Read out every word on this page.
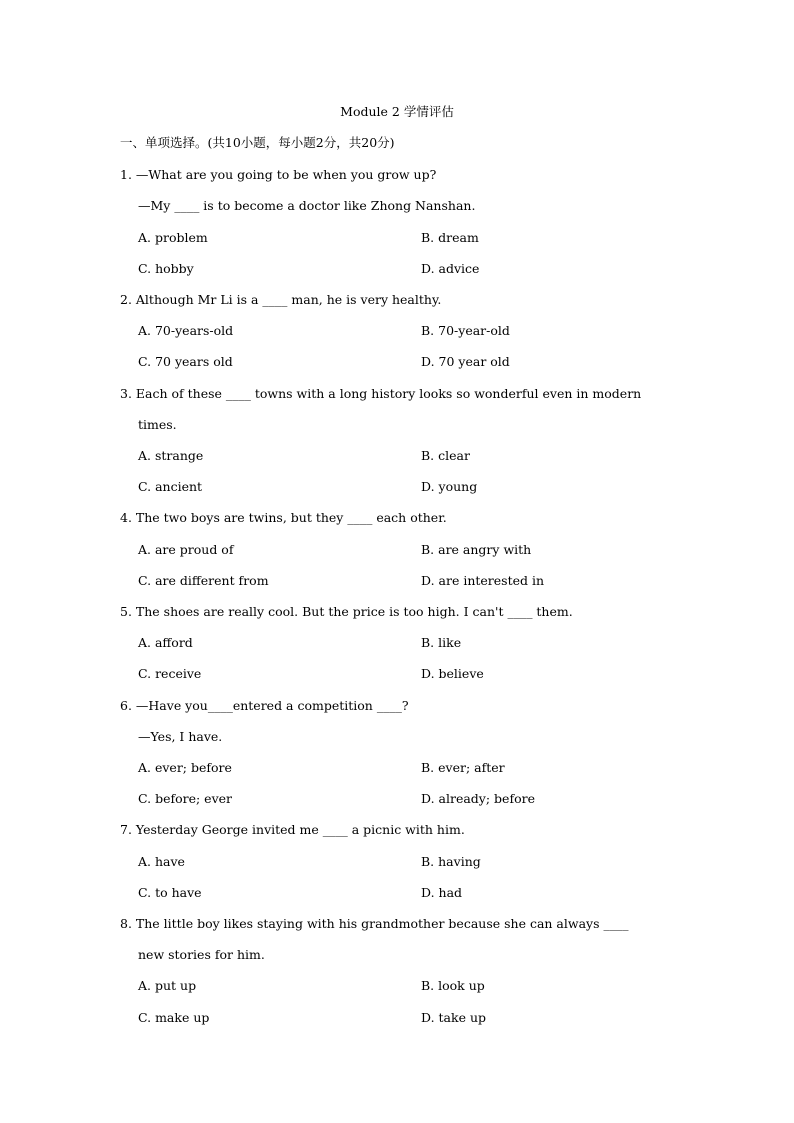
Module 2 学情评估
一、单项选择。(共10小题，每小题2分，共20分)
1. —What are you going to be when you grow up?
—My ____ is to become a doctor like Zhong Nanshan.
A. problem	B. dream
C. hobby	D. advice
2. Although Mr Li is a ____ man, he is very healthy.
A. 70-years-old	B. 70-year-old
C. 70 years old	D. 70 year old
3. Each of these ____ towns with a long history looks so wonderful even in modern
times.
A. strange	B. clear
C. ancient	D. young
4. The two boys are twins, but they ____ each other.
A. are proud of	B. are angry with
C. are different from	D. are interested in
5. The shoes are really cool. But the price is too high. I can't ____ them.
A. afford	B. like
C. receive	D. believe
6. —Have you____entered a competition ____?
—Yes, I have.
A. ever; before	B. ever; after
C. before; ever	D. already; before
7. Yesterday George invited me ____ a picnic with him.
A. have	B. having
C. to have	D. had
8. The little boy likes staying with his grandmother because she can always ____
new stories for him.
A. put up	B. look up
C. make up	D. take up
